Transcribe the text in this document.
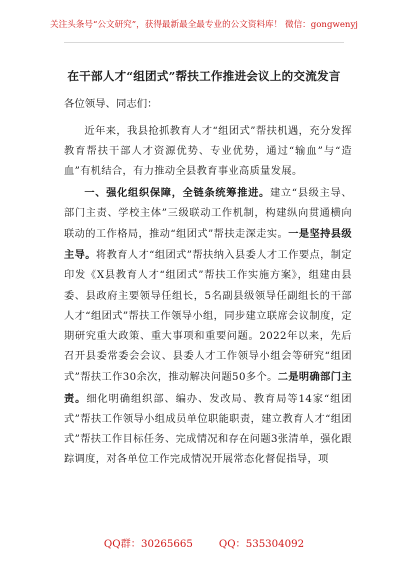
关注头条号“公文研究”，获得最新最全最专业的公文资料库！ 微信：gongwenyj
在干部人才“组团式”帮扶工作推进会议上的交流发言
各位领导、同志们：

近年来，我县抢抓教育人才“组团式”帮扶机遇，充分发挥教育帮扶干部人才资源优势、专业优势，通过“输血”与“造血”有机结合，有力推动全县教育事业高质量发展。

一、强化组织保障，全链条统筹推进。建立“县级主导、部门主责、学校主体”三级联动工作机制，构建纵向贯通横向联动的工作格局，推动“组团式”帮扶走深走实。一是坚持县级主导。将教育人才“组团式”帮扶纳入县委人才工作要点，制定印发《X县教育人才“组团式”帮扶工作实施方案》，组建由县委、县政府主要领导任组长，5名副县级领导任副组长的干部人才“组团式”帮扶工作领导小组，同步建立联席会议制度，定期研究重大政策、重大事项和重要问题。2022年以来，先后召开县委常委会会议、县委人才工作领导小组会等研究“组团式”帮扶工作30余次，推动解决问题50多个。二是明确部门主责。细化明确组织部、编办、发改局、教育局等14家“组团式”帮扶工作领导小组成员单位职能职责，建立教育人才“组团式”帮扶工作目标任务、完成情况和存在问题3张清单，强化跟踪调度，对各单位工作完成情况开展常态化督促指导，项

QQ群：30265665	QQ：535304092
